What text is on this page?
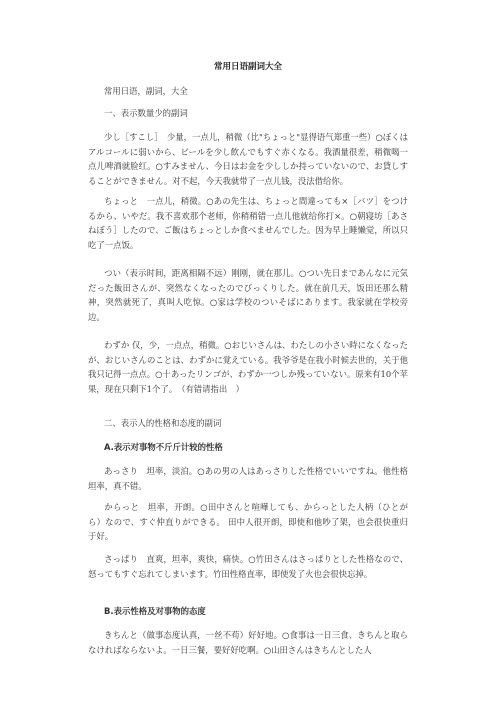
常用日语副词大全

常用日语，副词，大全

一、表示数量少的副词

少し［すこし］　少量，一点儿，稍微（比"ちょっと"显得语气郑重一些）○ぼくはアルコールに弱いから、ビールを少し飲んでもすぐ赤くなる。我酒量很差，稍微喝一点儿啤酒就脸红。○すみません、今日はお金を少ししか持っていないので、お貸しすることができません。对不起，今天我就带了一点儿钱，没法借给你。

ちょっと　一点儿，稍微。○あの先生は、ちょっと間違っても×［バツ］をつけるから、いやだ。我不喜欢那个老师，你稍稍错一点儿他就给你打×。○朝寝坊［あさねぼう］したので、ご飯はちょっとしか食べませんでした。因为早上睡懒觉，所以只吃了一点饭。

つい（表示时间，距离相隔不远）刚刚，就在那儿。○つい先日まであんなに元気だった飯田さんが、突然なくなったのでびっくりした。就在前几天，饭田还那么精神，突然就死了，真叫人吃惊。○家は学校のついそばにあります。我家就在学校旁边。

わずか 仅，少，一点点，稍微。○おじいさんは、わたしの小さい時になくなったが、おじいさんのことは、わずかに覚えている。我爷爷是在我小时候去世的，关于他我只记得一点点。○十あったリンゴが、わずか一つしか残っていない。原来有10个苹果，现在只剩下1个了。　（有错请指出　）

二、表示人的性格和态度的副词
A.表示对事物不斤斤计较的性格

あっさり　坦率，淡泊。○あの男の人はあっさりした性格でいいですね。他性格坦率，真不错。

からっと　坦率，开朗。○田中さんと喧嘩しても、からっとした人柄（ひとがら）なので、すぐ仲直りができる。 田中人很开朗，即使和他吵了架，也会很快重归于好。

さっぱり　直爽，坦率，爽快，痛快。○竹田さんはさっぱりとした性格なので、怒ってもすぐ忘れてしまいます。竹田性格直率，即使发了火也会很快忘掉。

B.表示性格及对事物的态度

きちんと（做事态度认真，一丝不苟）好好地。○食事は一日三食、きちんと取らなければならないよ。一日三餐，要好好吃啊。○山田さんはきちんとした人
